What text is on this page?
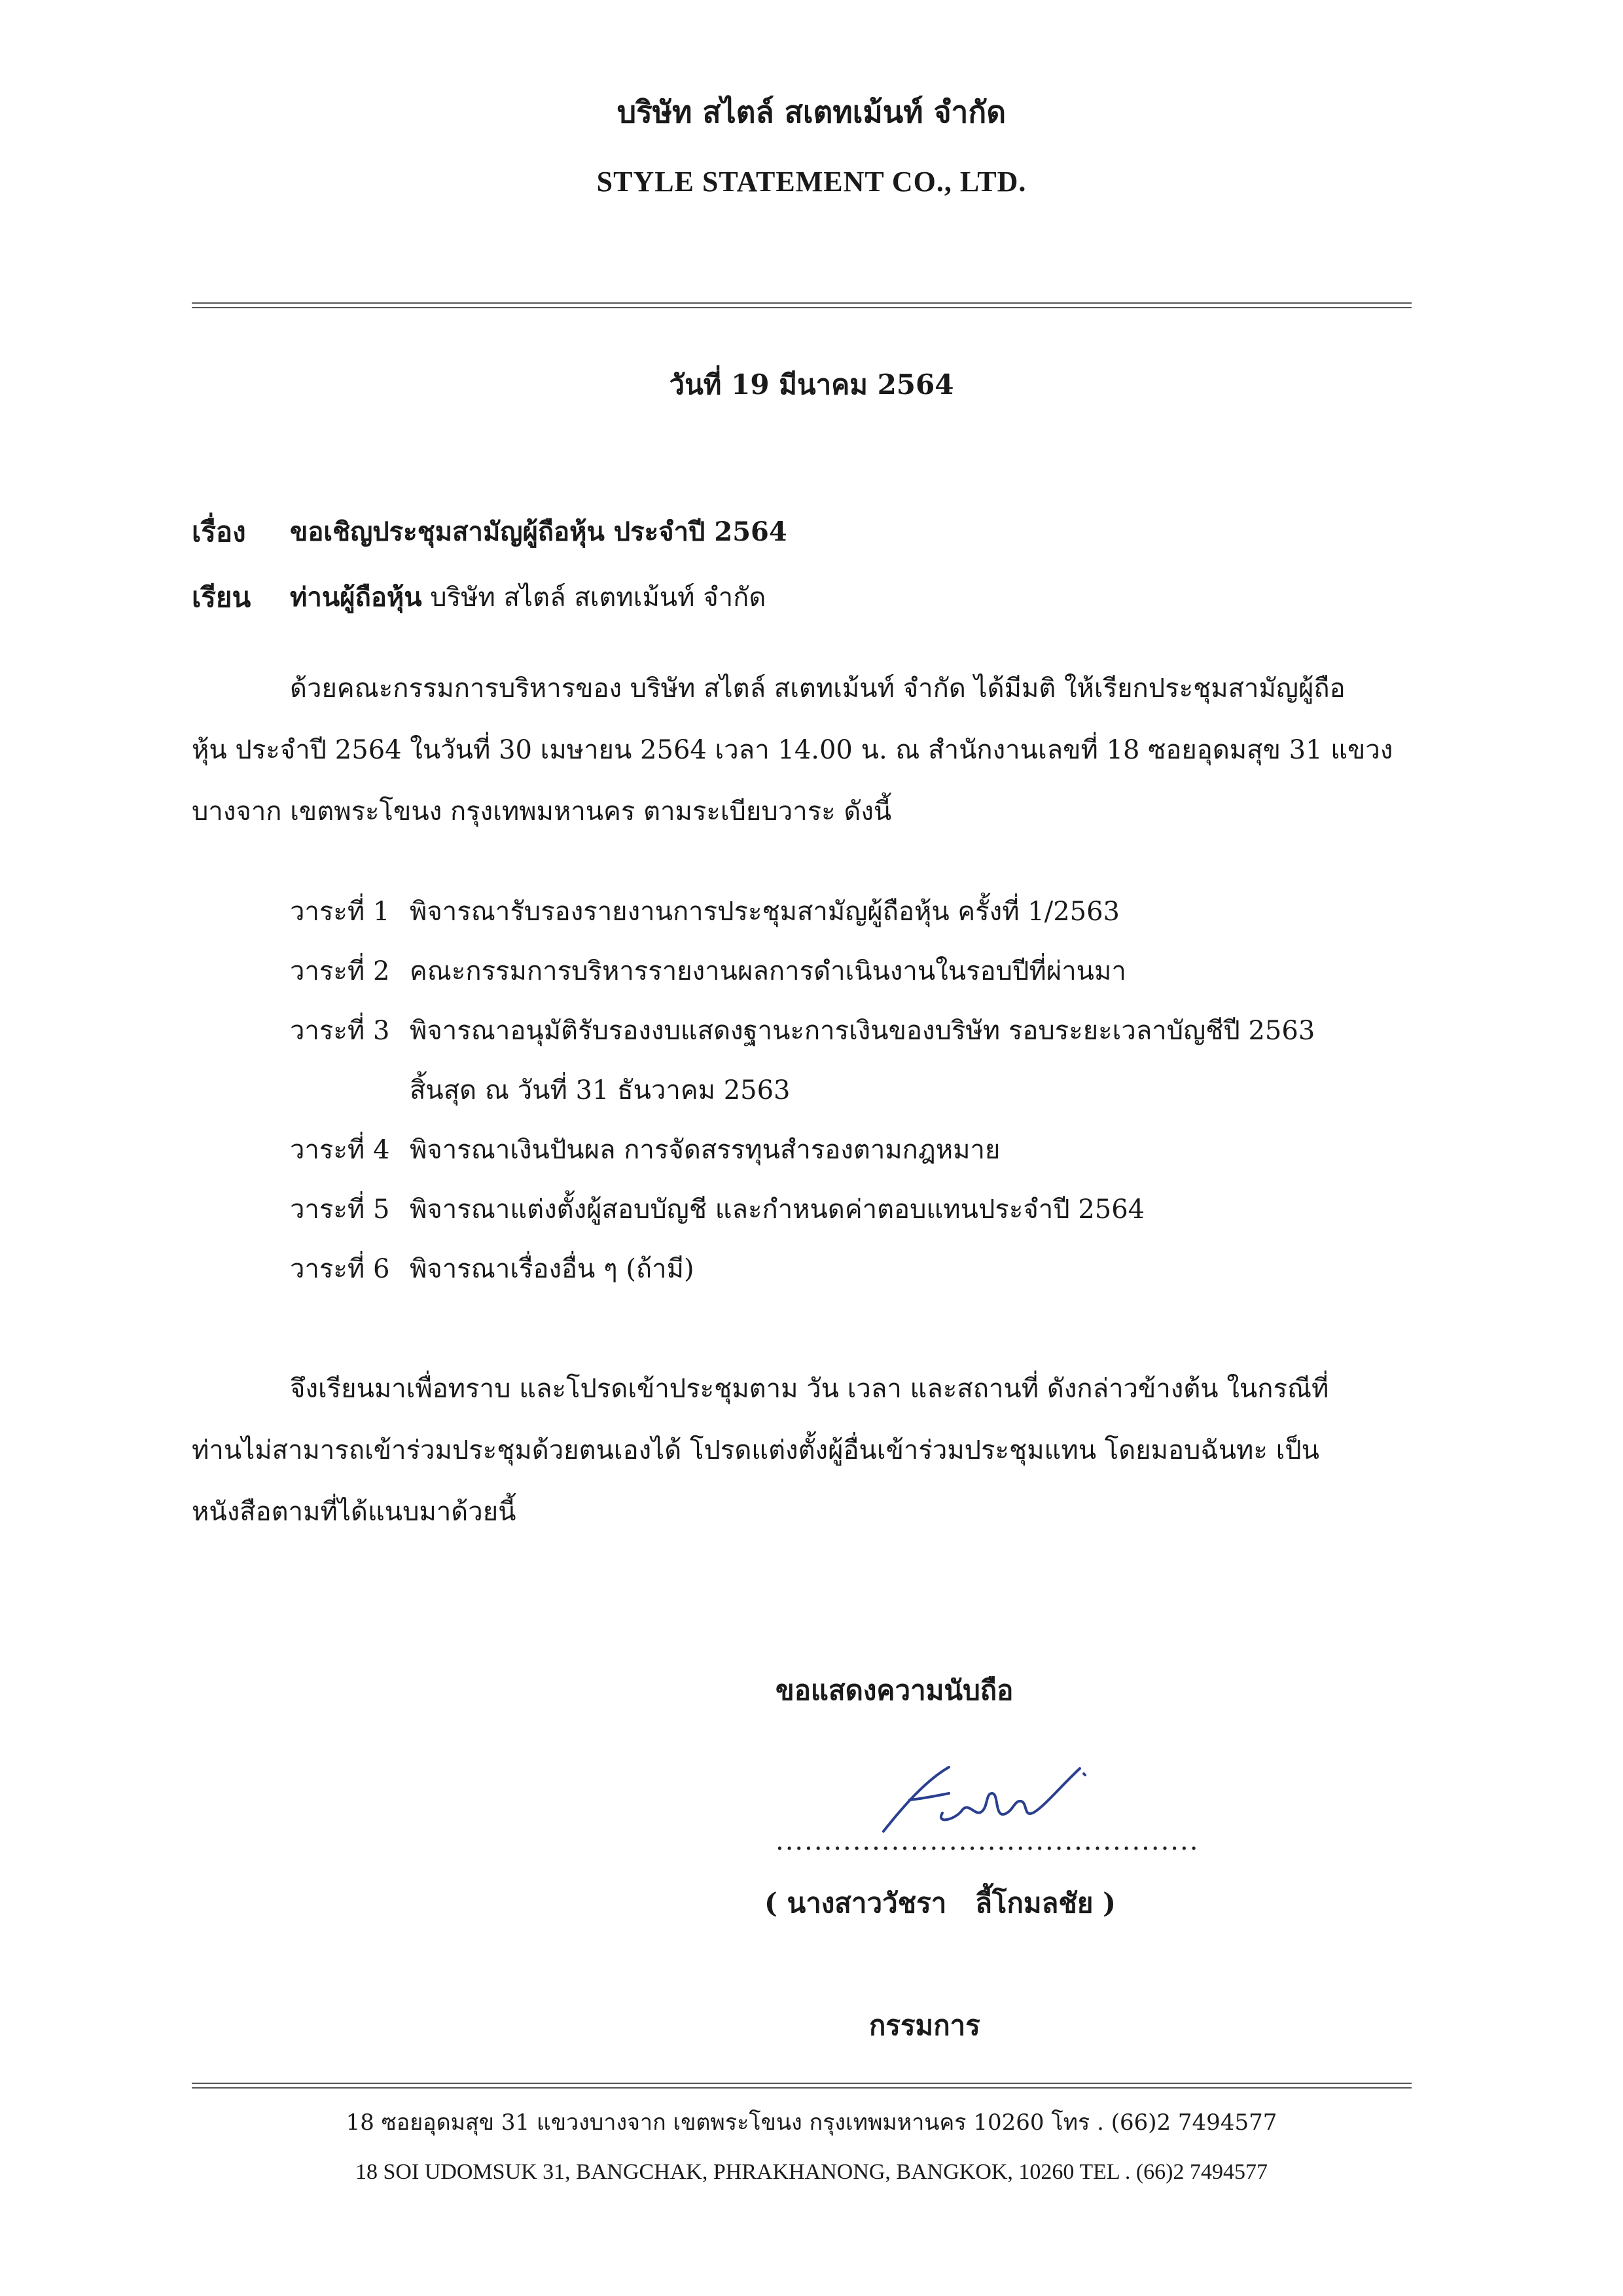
บริษัท สไตล์ สเตทเม้นท์ จำกัด
STYLE STATEMENT CO., LTD.
วันที่ 19 มีนาคม 2564
เรื่อง ขอเชิญประชุมสามัญผู้ถือหุ้น ประจำปี 2564
เรียน ท่านผู้ถือหุ้น บริษัท สไตล์ สเตทเม้นท์ จำกัด
ด้วยคณะกรรมการบริหารของ บริษัท สไตล์ สเตทเม้นท์ จำกัด ได้มีมติ ให้เรียกประชุมสามัญผู้ถือ
หุ้น ประจำปี 2564 ในวันที่ 30 เมษายน 2564 เวลา 14.00 น. ณ สำนักงานเลขที่ 18 ซอยอุดมสุข 31 แขวง
บางจาก เขตพระโขนง กรุงเทพมหานคร ตามระเบียบวาระ ดังนี้
วาระที่ 1 พิจารณารับรองรายงานการประชุมสามัญผู้ถือหุ้น ครั้งที่ 1/2563
วาระที่ 2 คณะกรรมการบริหารรายงานผลการดำเนินงานในรอบปีที่ผ่านมา
วาระที่ 3 พิจารณาอนุมัติรับรองงบแสดงฐานะการเงินของบริษัท รอบระยะเวลาบัญชีปี 2563
สิ้นสุด ณ วันที่ 31 ธันวาคม 2563
วาระที่ 4 พิจารณาเงินปันผล การจัดสรรทุนสำรองตามกฎหมาย
วาระที่ 5 พิจารณาแต่งตั้งผู้สอบบัญชี และกำหนดค่าตอบแทนประจำปี 2564
วาระที่ 6 พิจารณาเรื่องอื่น ๆ (ถ้ามี)
จึงเรียนมาเพื่อทราบ และโปรดเข้าประชุมตาม วัน เวลา และสถานที่ ดังกล่าวข้างต้น ในกรณีที่
ท่านไม่สามารถเข้าร่วมประชุมด้วยตนเองได้ โปรดแต่งตั้งผู้อื่นเข้าร่วมประชุมแทน โดยมอบฉันทะ เป็น
หนังสือตามที่ได้แนบมาด้วยนี้
ขอแสดงความนับถือ
............................................
( นางสาววัชรา   ลี้โกมลชัย )
กรรมการ
18 ซอยอุดมสุข 31 แขวงบางจาก เขตพระโขนง กรุงเทพมหานคร 10260 โทร . (66)2 7494577
18 SOI UDOMSUK 31, BANGCHAK, PHRAKHANONG, BANGKOK, 10260 TEL . (66)2 7494577
